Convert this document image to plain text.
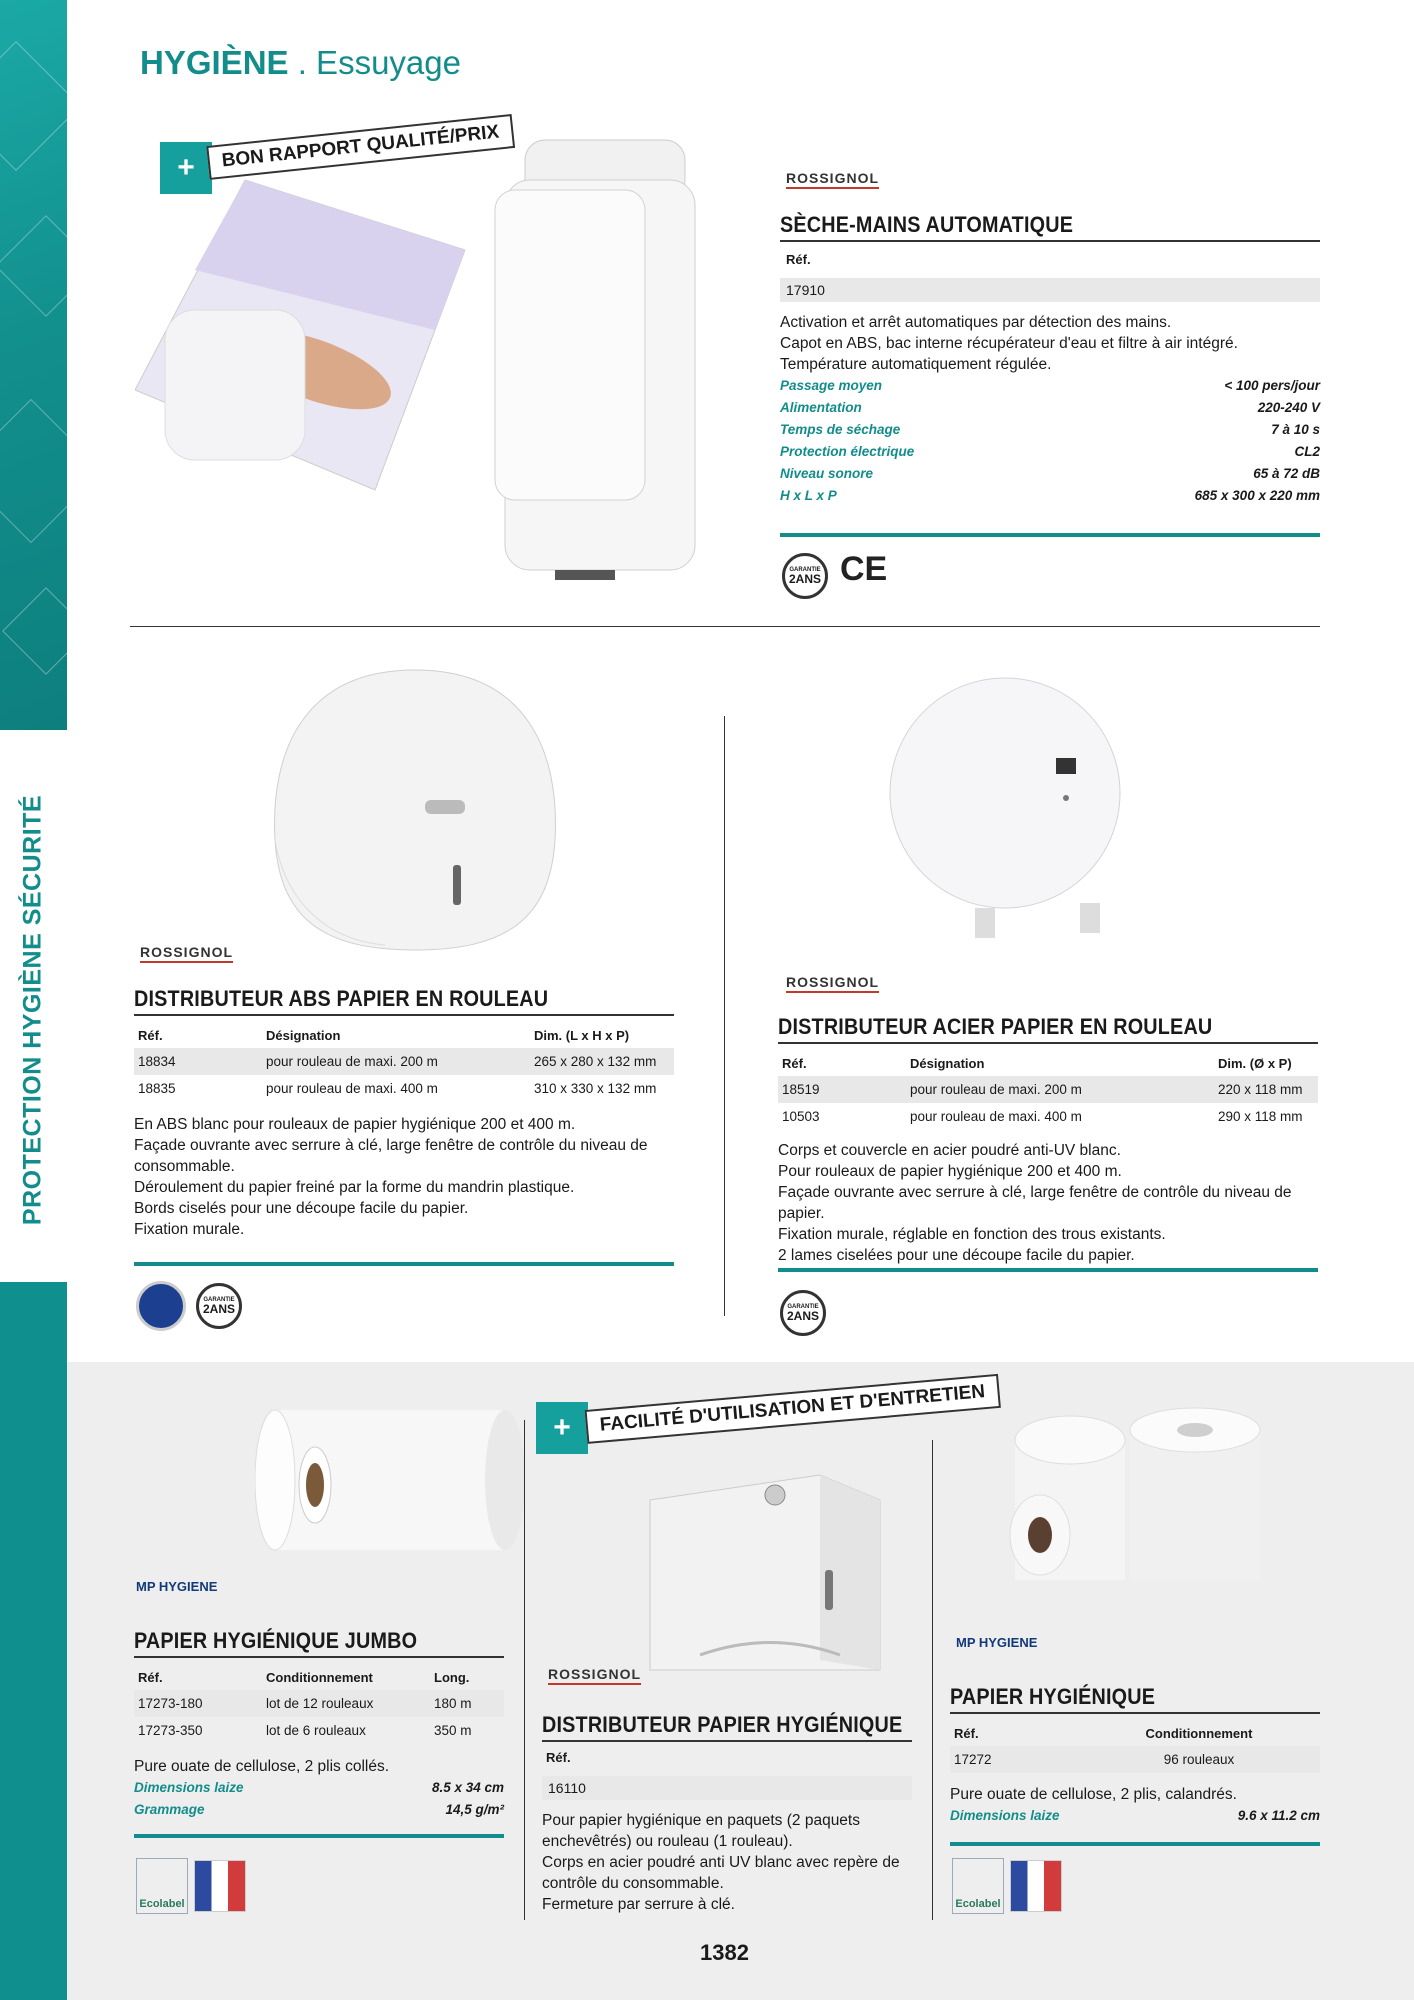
PROTECTION HYGIÈNE SÉCURITÉ
HYGIÈNE . Essuyage
+	BON RAPPORT QUALITÉ/PRIX
ROSSIGNOL
SÈCHE-MAINS AUTOMATIQUE
Réf.
17910
Activation et arrêt automatiques par détection des mains.
Capot en ABS, bac interne récupérateur d'eau et filtre à air intégré.
Température automatiquement régulée.
Passage moyen	< 100 pers/jour
Alimentation	220-240 V
Temps de séchage	7 à 10 s
Protection électrique	CL2
Niveau sonore	65 à 72 dB
H x L x P	685 x 300 x 220 mm
GARANTIE
2ANS CE
ROSSIGNOL
DISTRIBUTEUR ABS PAPIER EN ROULEAU
Réf.	Désignation	Dim. (L x H x P)
18834	pour rouleau de maxi. 200 m	265 x 280 x 132 mm
18835	pour rouleau de maxi. 400 m	310 x 330 x 132 mm
En ABS blanc pour rouleaux de papier hygiénique 200 et 400 m.
Façade ouvrante avec serrure à clé, large fenêtre de contrôle du niveau de consommable.
Déroulement du papier freiné par la forme du mandrin plastique.
Bords ciselés pour une découpe facile du papier.
Fixation murale.
GARANTIE
2ANS
ROSSIGNOL
DISTRIBUTEUR ACIER PAPIER EN ROULEAU
Réf.	Désignation	Dim. (Ø x P)
18519	pour rouleau de maxi. 200 m	220 x 118 mm
10503	pour rouleau de maxi. 400 m	290 x 118 mm
Corps et couvercle en acier poudré anti-UV blanc.
Pour rouleaux de papier hygiénique 200 et 400 m.
Façade ouvrante avec serrure à clé, large fenêtre de contrôle du niveau de papier.
Fixation murale, réglable en fonction des trous existants.
2 lames ciselées pour une découpe facile du papier.
GARANTIE
2ANS
MP HYGIENE
PAPIER HYGIÉNIQUE JUMBO
Réf.	Conditionnement	Long.
17273-180	lot de 12 rouleaux	180 m
17273-350	lot de 6 rouleaux	350 m
Pure ouate de cellulose, 2 plis collés.
Dimensions laize	8.5 x 34 cm
Grammage	14,5 g/m²
Ecolabel
+	FACILITÉ D'UTILISATION ET D'ENTRETIEN
ROSSIGNOL
DISTRIBUTEUR PAPIER HYGIÉNIQUE
Réf.
16110
Pour papier hygiénique en paquets (2 paquets enchevêtrés) ou rouleau (1 rouleau).
Corps en acier poudré anti UV blanc avec repère de contrôle du consommable.
Fermeture par serrure à clé.
MP HYGIENE
PAPIER HYGIÉNIQUE
Réf.	Conditionnement
17272	96 rouleaux
Pure ouate de cellulose, 2 plis, calandrés.
Dimensions laize	9.6 x 11.2 cm
Ecolabel
1382
